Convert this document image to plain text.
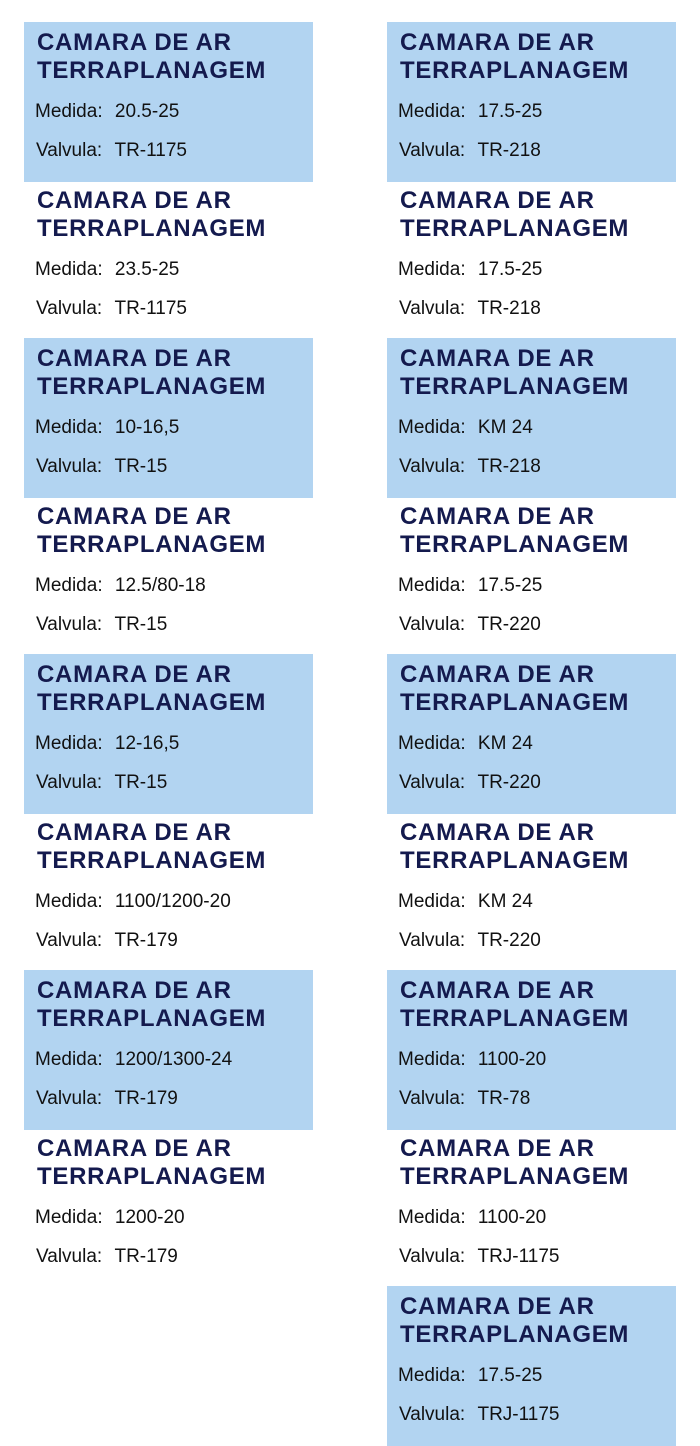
CAMARA DE AR
TERRAPLANAGEM
Medida: 20.5-25
Valvula: TR-1175
CAMARA DE AR
TERRAPLANAGEM
Medida: 23.5-25
Valvula: TR-1175
CAMARA DE AR
TERRAPLANAGEM
Medida: 10-16,5
Valvula: TR-15
CAMARA DE AR
TERRAPLANAGEM
Medida: 12.5/80-18
Valvula: TR-15
CAMARA DE AR
TERRAPLANAGEM
Medida: 12-16,5
Valvula: TR-15
CAMARA DE AR
TERRAPLANAGEM
Medida: 1100/1200-20
Valvula: TR-179
CAMARA DE AR
TERRAPLANAGEM
Medida: 1200/1300-24
Valvula: TR-179
CAMARA DE AR
TERRAPLANAGEM
Medida: 1200-20
Valvula: TR-179
CAMARA DE AR
TERRAPLANAGEM
Medida: 17.5-25
Valvula: TR-218
CAMARA DE AR
TERRAPLANAGEM
Medida: 17.5-25
Valvula: TR-218
CAMARA DE AR
TERRAPLANAGEM
Medida: KM 24
Valvula: TR-218
CAMARA DE AR
TERRAPLANAGEM
Medida: 17.5-25
Valvula: TR-220
CAMARA DE AR
TERRAPLANAGEM
Medida: KM 24
Valvula: TR-220
CAMARA DE AR
TERRAPLANAGEM
Medida: KM 24
Valvula: TR-220
CAMARA DE AR
TERRAPLANAGEM
Medida: 1100-20
Valvula: TR-78
CAMARA DE AR
TERRAPLANAGEM
Medida: 1100-20
Valvula: TRJ-1175
CAMARA DE AR
TERRAPLANAGEM
Medida: 17.5-25
Valvula: TRJ-1175
